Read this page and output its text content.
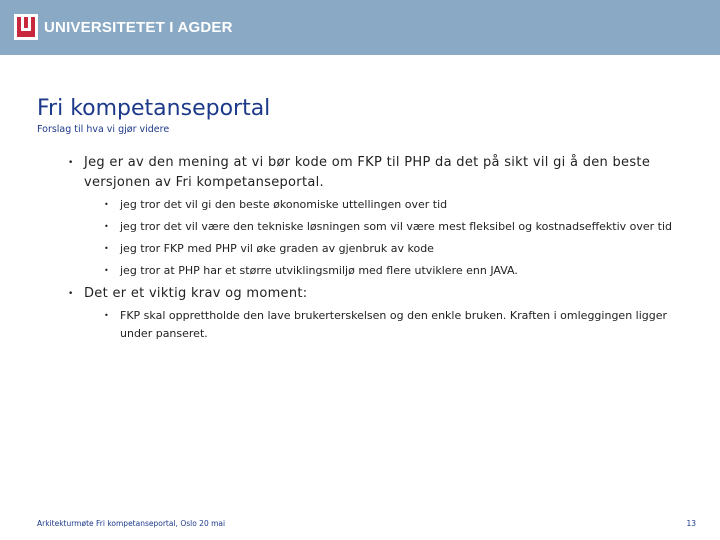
UNIVERSITETET I AGDER
Fri kompetanseportal
Forslag til hva vi gjør videre
• Jeg er av den mening at vi bør kode om FKP til PHP da det på sikt vil gi å den beste versjonen av Fri kompetanseportal.
• jeg tror det vil gi den beste økonomiske uttellingen over tid
• jeg tror det vil være den tekniske løsningen som vil være mest fleksibel og kostnadseffektiv over tid
• jeg tror FKP med PHP vil øke graden av gjenbruk av kode
• jeg tror at PHP har et større utviklingsmiljø med flere utviklere enn JAVA.
• Det er et viktig krav og moment:
• FKP skal opprettholde den lave brukerterskelsen og den enkle bruken. Kraften i omleggingen ligger under panseret.
Arkitekturmøte Fri kompetanseportal, Oslo 20 mai	13
